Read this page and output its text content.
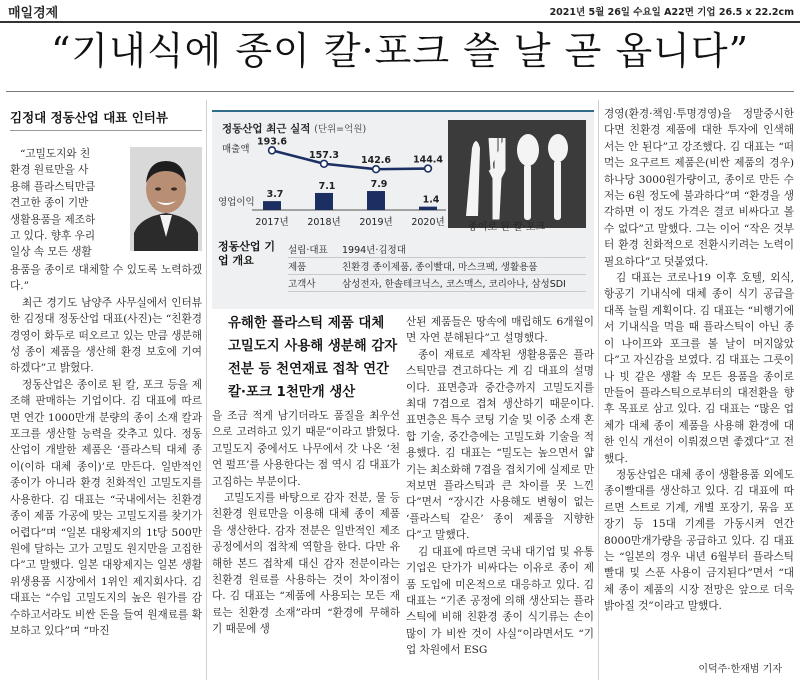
매일경제	2021년 5월 26일 수요일 A22면 기업 26.5 x 22.2cm
“기내식에 종이 칼·포크 쓸 날 곧 옵니다”
김정대 정동산업 대표 인터뷰
“고밀도지와 친
환경 원료만을 사
용해 플라스틱만큼
견고한 종이 기반
생활용품을 제조하
고 있다. 향후 우리
일상 속 모든 생활

용품을 종이로 대체할 수 있도록 노력하겠다.”

최근 경기도 남양주 사무실에서 인터뷰한 김정대 정동산업 대표(사진)는 “친환경 경영이 화두로 떠오르고 있는 만큼 생분해성 종이 제품을 생산해 환경 보호에 기여하겠다”고 밝혔다.

정동산업은 종이로 된 칼, 포크 등을 제조해 판매하는 기업이다. 김 대표에 따르면 연간 1000만개 분량의 종이 소재 칼과 포크를 생산할 능력을 갖추고 있다. 정동산업이 개발한 제품은 ‘플라스틱 대체 종이(이하 대체 종이)’로 만든다. 일반적인 종이가 아니라 환경 친화적인 고밀도지를 사용한다. 김 대표는 “국내에서는 친환경 종이 제품 가공에 맞는 고밀도지를 찾기가 어렵다”며 “일본 대왕제지의 1t당 500만원에 달하는 고가 고밀도 원지만을 고집한다”고 말했다. 일본 대왕제지는 일본 생활위생용품 시장에서 1위인 제지회사다. 김 대표는 “수입 고밀도지의 높은 원가를 감수하고서라도 비싼 돈을 들여 원재료를 확보하고 있다”며 “마진

정동산업 최근 실적 (단위=억원)
매출액
영업이익
193.6
157.3 142.6 144.4
3.7
7.1	7.9
1.4
2017년 2018년 2019년 2020년 종이로 된 칼·포크
정동산업 기업 개요
설립·대표	1994년·김정대
제품	친환경 종이제품, 종이빨대, 마스크팩, 생활용품
고객사	삼성전자, 한솔테크닉스, 코스맥스, 코리아나, 삼성SDI
유해한 플라스틱 제품 대체 고밀도지 사용해 생분해 감자전분 등 천연재료 접착 연간 칼·포크 1천만개 생산

을 조금 적게 남기더라도 품질을 최우선으로 고려하고 있기 때문”이라고 밝혔다. 고밀도지 중에서도 나무에서 갓 나온 ‘천연 펄프’를 사용한다는 점 역시 김 대표가 고집하는 부분이다.

고밀도지를 바탕으로 감자 전분, 물 등 친환경 원료만을 이용해 대체 종이 제품을 생산한다. 감자 전분은 일반적인 제조 공정에서의 접착제 역할을 한다. 다만 유해한 본드 접착제 대신 감자 전분이라는 친환경 원료를 사용하는 것이 차이점이다. 김 대표는 “제품에 사용되는 모든 재료는 친환경 소재”라며 “환경에 무해하기 때문에 생

산된 제품들은 땅속에 매립해도 6개월이면 자연 분해된다”고 설명했다.

종이 재료로 제작된 생활용품은 플라스틱만큼 견고하다는 게 김 대표의 설명이다. 표면층과 중간층까지 고밀도지를 최대 7겹으로 겹쳐 생산하기 때문이다. 표면층은 특수 코팅 기술 및 이중 소재 혼합 기술, 중간층에는 고밀도화 기술을 적용했다. 김 대표는 “밀도는 높으면서 얇기는 최소화해 7겹을 겹치기에 실제로 만져보면 플라스틱과 큰 차이를 못 느낀다”면서 “장시간 사용해도 변형이 없는 ‘플라스틱 같은’ 종이 제품을 지향한다”고 말했다.

김 대표에 따르면 국내 대기업 및 유통기업은 단가가 비싸다는 이유로 종이 제품 도입에 미온적으로 대응하고 있다. 김 대표는 “기존 공정에 의해 생산되는 플라스틱에 비해 친환경 종이 식기류는 손이 많이 가 비싼 것이 사실”이라면서도 “기업 차원에서 ESG

경영(환경·책임·투명경영)을 정말중시한다면 친환경 제품에 대한 투자에 인색해서는 안 된다”고 강조했다. 김 대표는 “떠 먹는 요구르트 제품은(비싼 제품의 경우) 하나당 3000원가량이고, 종이로 만든 수저는 6원 정도에 불과하다”며 “환경을 생각하면 이 정도 가격은 결코 비싸다고 볼 수 없다”고 말했다. 그는 이어 “작은 것부터 환경 친화적으로 전환시키려는 노력이 필요하다”고 덧붙였다.

김 대표는 코로나19 이후 호텔, 외식, 항공기 기내식에 대체 종이 식기 공급을 대폭 늘릴 계획이다. 김 대표는 “비행기에서 기내식을 먹을 때 플라스틱이 아닌 종이 나이프와 포크를 볼 날이 머지않았다”고 자신감을 보였다. 김 대표는 그릇이나 빗 같은 생활 속 모든 용품을 종이로 만들어 플라스틱으로부터의 대전환을 향후 목표로 삼고 있다. 김 대표는 “많은 업체가 대체 종이 제품을 사용해 환경에 대한 인식 개선이 이뤄졌으면 좋겠다”고 전했다.

정동산업은 대체 종이 생활용품 외에도 종이빨대를 생산하고 있다. 김 대표에 따르면 스트로 기계, 개별 포장기, 묶음 포장기 등 15대 기계를 가동시켜 연간 8000만개가량을 공급하고 있다. 김 대표는 “일본의 경우 내년 6월부터 플라스틱 빨대 및 스푼 사용이 금지된다”면서 “대체 종이 제품의 시장 전망은 앞으로 더욱 밝아질 것”이라고 말했다.

이덕주·한재범 기자
